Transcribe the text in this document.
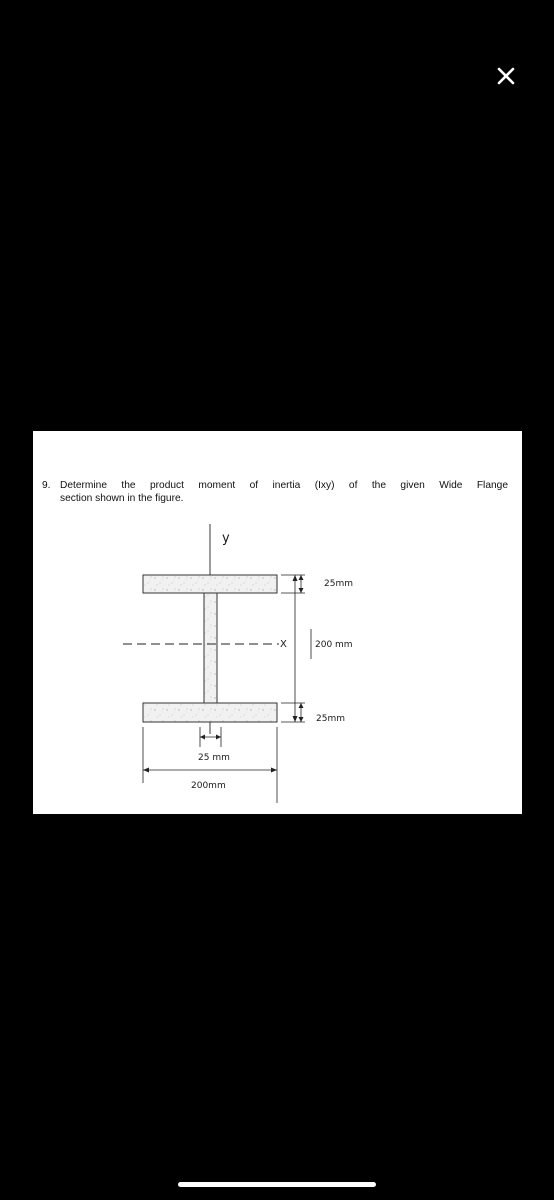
9. Determine the product moment of inertia (Ixy) of the given Wide Flange
section shown in the figure.
y
X
25mm
200 mm
25mm
25 mm
200mm
